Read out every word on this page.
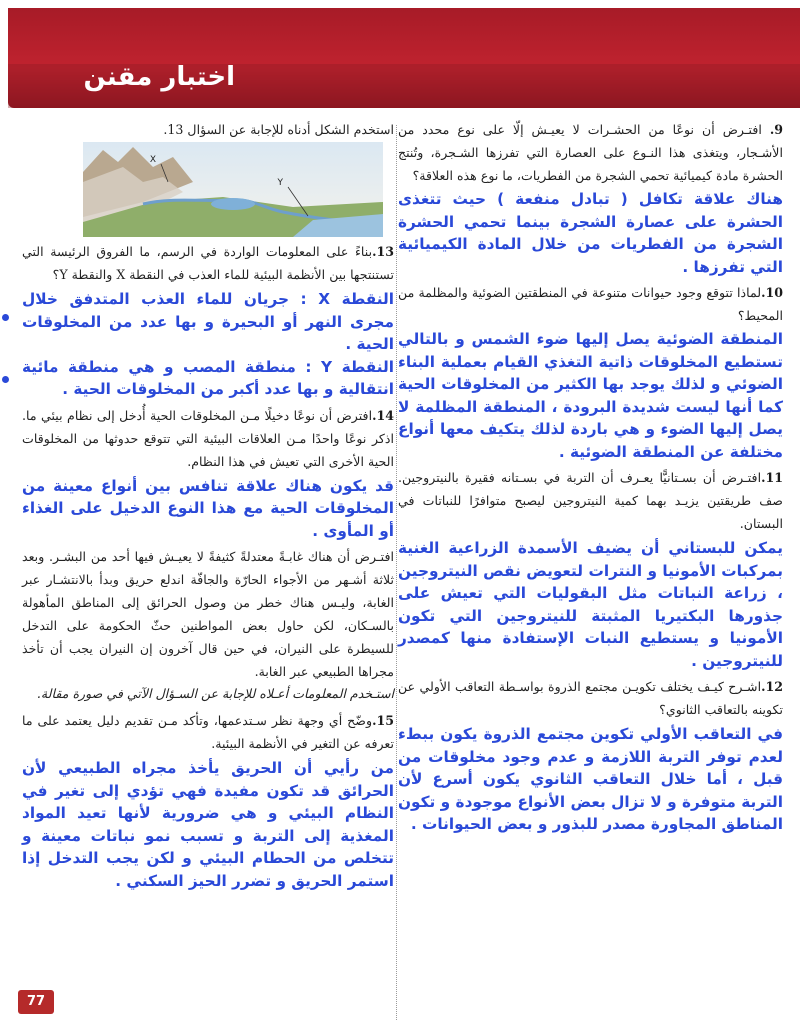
اختبار مقنن

9. افتـرض أن نوعًا من الحشـرات لا يعيـش إلّا على نوع محدد من الأشـجار، ويتغذى هذا النـوع على العصارة التي تفرزها الشـجرة، وتُنتج الحشرة مادة كيميائية تحمي الشجرة من الفطريات، ما نوع هذه العلاقة؟

هناك علاقة تكافل ( تبادل منفعة ) حيث تتغذى الحشرة على عصارة الشجرة بينما تحمي الحشرة الشجرة من الفطريات من خلال المادة الكيميائية التي تفرزها .

10.لماذا تتوقع وجود حيوانات متنوعة في المنطقتين الضوئية والمظلمة من المحيط؟

المنطقة الضوئية يصل إليها ضوء الشمس و بالتالي تستطيع المخلوقات ذاتية التغذي القيام بعملية البناء الضوئي و لذلك يوجد بها الكثير من المخلوقات الحية كما أنها ليست شديدة البرودة ، المنطقة المظلمة لا يصل إليها الضوء و هي باردة لذلك يتكيف معها أنواع مختلفة عن المنطقة الضوئية .

11.افتـرض أن بسـتانيًّا يعـرف أن التربة في بسـتانه فقيرة بالنيتروجين. صف طريقتين يزيـد بهما كمية النيتروجين ليصبح متوافرًا للنباتات في البستان.

يمكن للبستاني أن يضيف الأسمدة الزراعية الغنية بمركبات الأمونيا و النترات لتعويض نقص النيتروجين ، زراعة النباتات مثل البقوليات التي تعيش على جذورها البكتيريا المثبتة للنيتروجين التي تكون الأمونيا و يستطيع النبات الإستفادة منها كمصدر للنيتروجين .

12.اشـرح كيـف يختلف تكويـن مجتمع الذروة بواسـطة التعاقب الأولي عن تكوينه بالتعاقب الثانوي؟

في التعاقب الأولي تكوين مجتمع الذروة يكون ببطء لعدم توفر التربة اللازمة و عدم وجود مخلوقات من قبل ، أما خلال التعاقب الثانوي يكون أسرع لأن التربة متوفرة و لا تزال بعض الأنواع موجودة و تكون المناطق المجاورة مصدر للبذور و بعض الحيوانات .

استخدم الشكل أدناه للإجابة عن السؤال 13.

X
Y

13.بناءً على المعلومات الواردة في الرسم، ما الفروق الرئيسة التي تستنتجها بين الأنظمة البيئية للماء العذب في النقطة X والنقطة Y؟

النقطة X : جريان للماء العذب المتدفق خلال مجرى النهر أو البحيرة و بها عدد من المخلوقات الحية .

النقطة Y : منطقة المصب و هي منطقة مائية انتقالية و بها عدد أكبر من المخلوقات الحية .

14.افترض أن نوعًا دخيلًا مـن المخلوقات الحية أُدخل إلى نظام بيئي ما. اذكر نوعًا واحدًا مـن العلاقات البيئية التي تتوقع حدوثها من المخلوقات الحية الأخرى التي تعيش في هذا النظام.

قد يكون هناك علاقة تنافس بين أنواع معينة من المخلوقات الحية مع هذا النوع الدخيل على الغذاء أو المأوى .

افتـرض أن هناك غابـةً معتدلةً كثيفةً لا يعيـش فيها أحد من البشـر. وبعد ثلاثة أشـهر من الأجواء الحارّة والجافّة اندلع حريق وبدأ بالانتشـار عبر الغابة، وليـس هناك خطر من وصول الحرائق إلى المناطق المأهولة بالسـكان، لكن حاول بعض المواطنين حثّ الحكومة على التدخل للسيطرة على النيران، في حين قال آخرون إن النيران يجب أن تأخذ مجراها الطبيعي عبر الغابة.

استـخدم المعلومات أعـلاه للإجابة عن السـؤال الآتي في صورة مقالة.

15.وضّح أي وجهة نظر سـتدعمها، وتأكد مـن تقديم دليل يعتمد على ما تعرفه عن التغير في الأنظمة البيئية.

من رأيي أن الحريق يأخذ مجراه الطبيعي لأن الحرائق قد تكون مفيدة فهي تؤدي إلى تغير في النظام البيئي و هي ضرورية لأنها تعيد المواد المغذية إلى التربة و تسبب نمو نباتات معينة و تتخلص من الحطام البيئي و لكن يجب التدخل إذا استمر الحريق و تضرر الحيز السكني .

77
